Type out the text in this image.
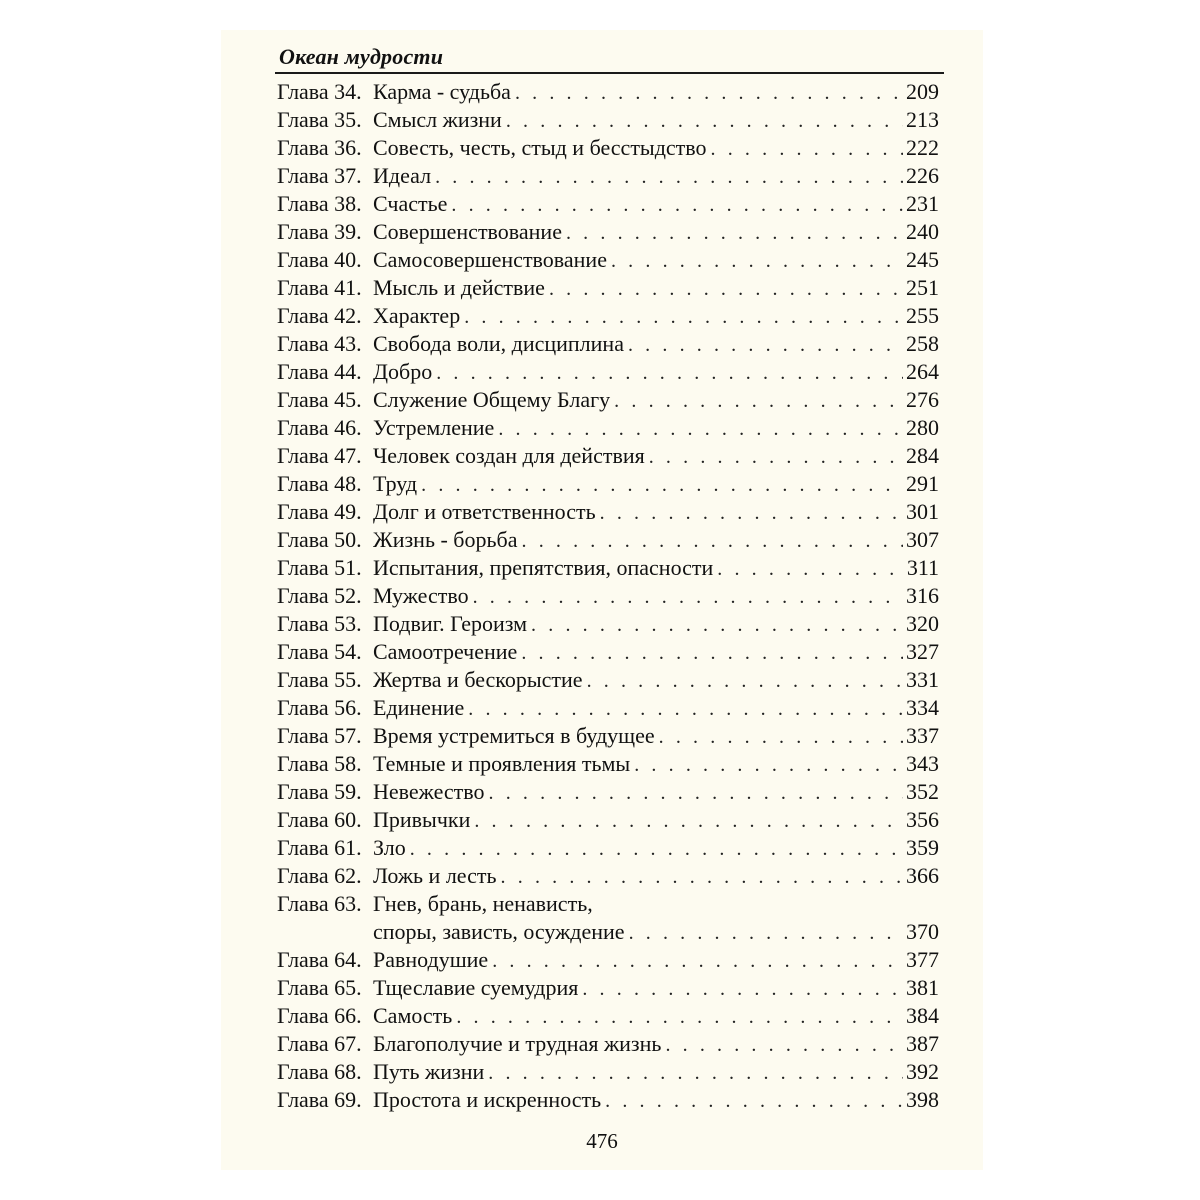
Океан мудрости
Глава 34. Карма - судьба . . .	209
Глава 35. Смысл жизни . . .	213
Глава 36. Совесть, честь, стыд и бесстыдство . . .	222
Глава 37. Идеал . . .	226
Глава 38. Счастье . . .	231
Глава 39. Совершенствование . . .	240
Глава 40. Самосовершенствование . . .	245
Глава 41. Мысль и действие . . .	251
Глава 42. Характер . . .	255
Глава 43. Свобода воли, дисциплина . . .	258
Глава 44. Добро . . .	264
Глава 45. Служение Общему Благу . . .	276
Глава 46. Устремление . . .	280
Глава 47. Человек создан для действия . . .	284
Глава 48. Труд . . .	291
Глава 49. Долг и ответственность . . .	301
Глава 50. Жизнь - борьба . . .	307
Глава 51. Испытания, препятствия, опасности . . .	311
Глава 52. Мужество . . .	316
Глава 53. Подвиг. Героизм . . .	320
Глава 54. Самоотречение . . .	327
Глава 55. Жертва и бескорыстие . . .	331
Глава 56. Единение . . .	334
Глава 57. Время устремиться в будущее . . .	337
Глава 58. Темные и проявления тьмы . . .	343
Глава 59. Невежество . . .	352
Глава 60. Привычки . . .	356
Глава 61. Зло . . .	359
Глава 62. Ложь и лесть . . .	366
Глава 63. Гнев, брань, ненависть,
споры, зависть, осуждение . . .	370
Глава 64. Равнодушие . . .	377
Глава 65. Тщеславие суемудрия . . .	381
Глава 66. Самость . . .	384
Глава 67. Благополучие и трудная жизнь . . .	387
Глава 68. Путь жизни . . .	392
Глава 69. Простота и искренность . . .	398
476
